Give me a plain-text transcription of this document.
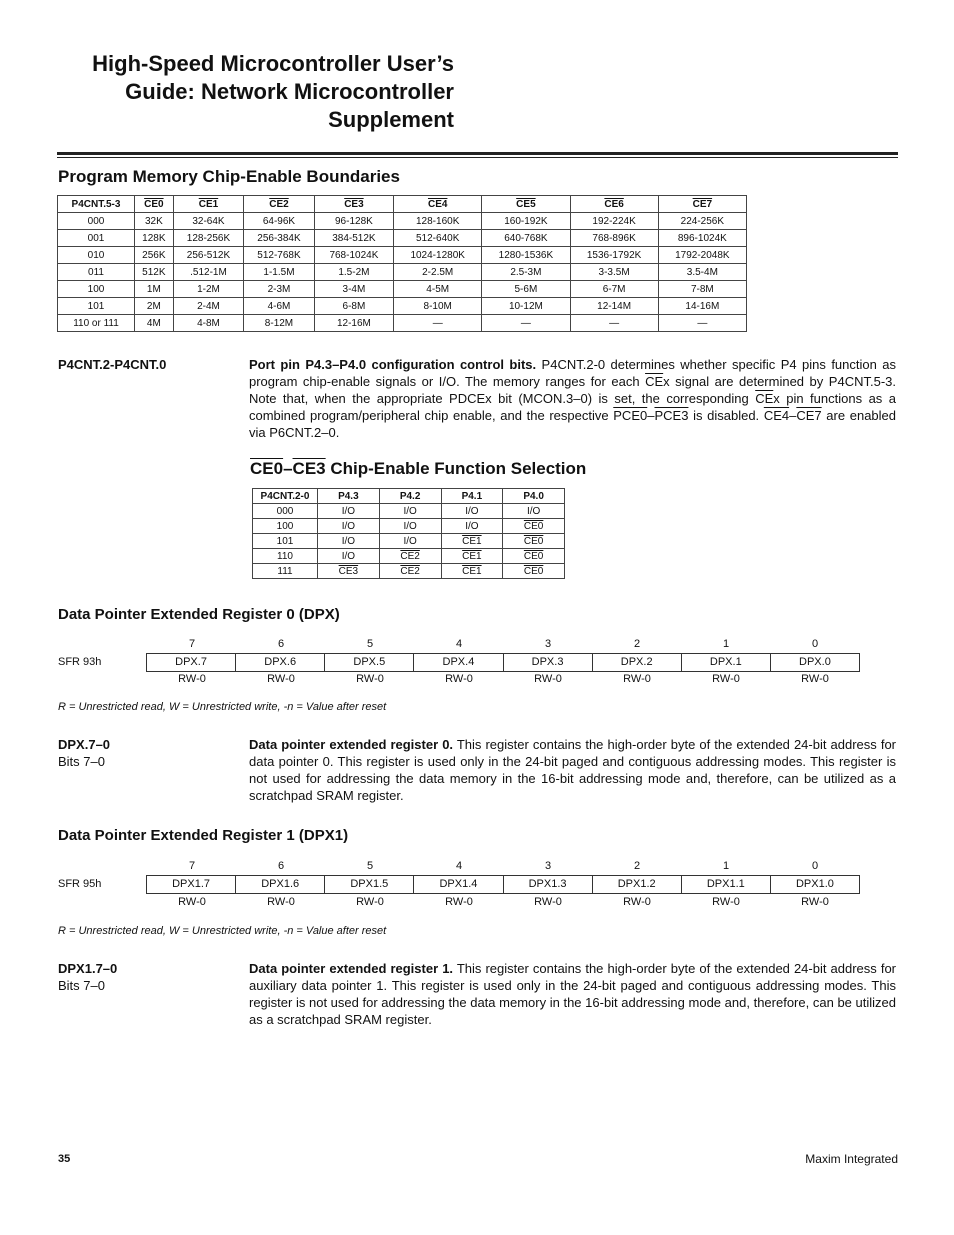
High-Speed Microcontroller User’s
Guide: Network Microcontroller
Supplement
Program Memory Chip-Enable Boundaries
P4CNT.5-3	CE0	CE1	CE2	CE3	CE4	CE5	CE6	CE7
000	32K	32-64K	64-96K	96-128K	128-160K	160-192K	192-224K	224-256K
001	128K	128-256K	256-384K	384-512K	512-640K	640-768K	768-896K	896-1024K
010	256K	256-512K	512-768K	768-1024K	1024-1280K	1280-1536K	1536-1792K	1792-2048K
011	512K	.512-1M	1-1.5M	1.5-2M	2-2.5M	2.5-3M	3-3.5M	3.5-4M
100	1M	1-2M	2-3M	3-4M	4-5M	5-6M	6-7M	7-8M
101	2M	2-4M	4-6M	6-8M	8-10M	10-12M	12-14M	14-16M
110 or 111	4M	4-8M	8-12M	12-16M	—	—	—	—
P4CNT.2-P4CNT.0	Port pin P4.3–P4.0 configuration control bits. P4CNT.2-0 determines whether specific P4 pins function as program chip-enable signals or I/O. The memory ranges for each $\overline{CE}x$ signal are determined by P4CNT.5-3. Note that, when the appropriate PDCEx bit (MCON.3–0) is set, the corresponding $\overline{CE}x$ pin functions as a combined program/peripheral chip enable, and the respective PCE0–PCE3 is disabled. CE4–CE7 are enabled via P6CNT.2–0.
CE0–CE3 Chip-Enable Function Selection
P4CNT.2-0	P4.3	P4.2	P4.1	P4.0
000	I/O	I/O	I/O	I/O
100	I/O	I/O	I/O	CE0
101	I/O	I/O	CE1	CE0
110	I/O	CE2	CE1	CE0
111	CE3	CE2	CE1	CE0
Data Pointer Extended Register 0 (DPX)
7	6	5	4	3	2	1	0
SFR 93h	DPX.7	DPX.6	DPX.5	DPX.4	DPX.3	DPX.2	DPX.1	DPX.0
RW-0	RW-0	RW-0	RW-0	RW-0	RW-0	RW-0	RW-0
R = Unrestricted read, W = Unrestricted write, -n = Value after reset
DPX.7–0
Bits 7–0
Data pointer extended register 0. This register contains the high-order byte of the extended 24-bit address for data pointer 0. This register is used only in the 24-bit paged and contiguous addressing modes. This register is not used for addressing the data memory in the 16-bit addressing mode and, therefore, can be utilized as a scratchpad SRAM register.
Data Pointer Extended Register 1 (DPX1)
7	6	5	4	3	2	1	0
SFR 95h	DPX1.7	DPX1.6	DPX1.5	DPX1.4	DPX1.3	DPX1.2	DPX1.1	DPX1.0
RW-0	RW-0	RW-0	RW-0	RW-0	RW-0	RW-0	RW-0
R = Unrestricted read, W = Unrestricted write, -n = Value after reset
DPX1.7–0
Bits 7–0
Data pointer extended register 1. This register contains the high-order byte of the extended 24-bit address for auxiliary data pointer 1. This register is used only in the 24-bit paged and contiguous addressing modes. This register is not used for addressing the data memory in the 16-bit addressing mode and, therefore, can be utilized as a scratchpad SRAM register.
35	Maxim Integrated
